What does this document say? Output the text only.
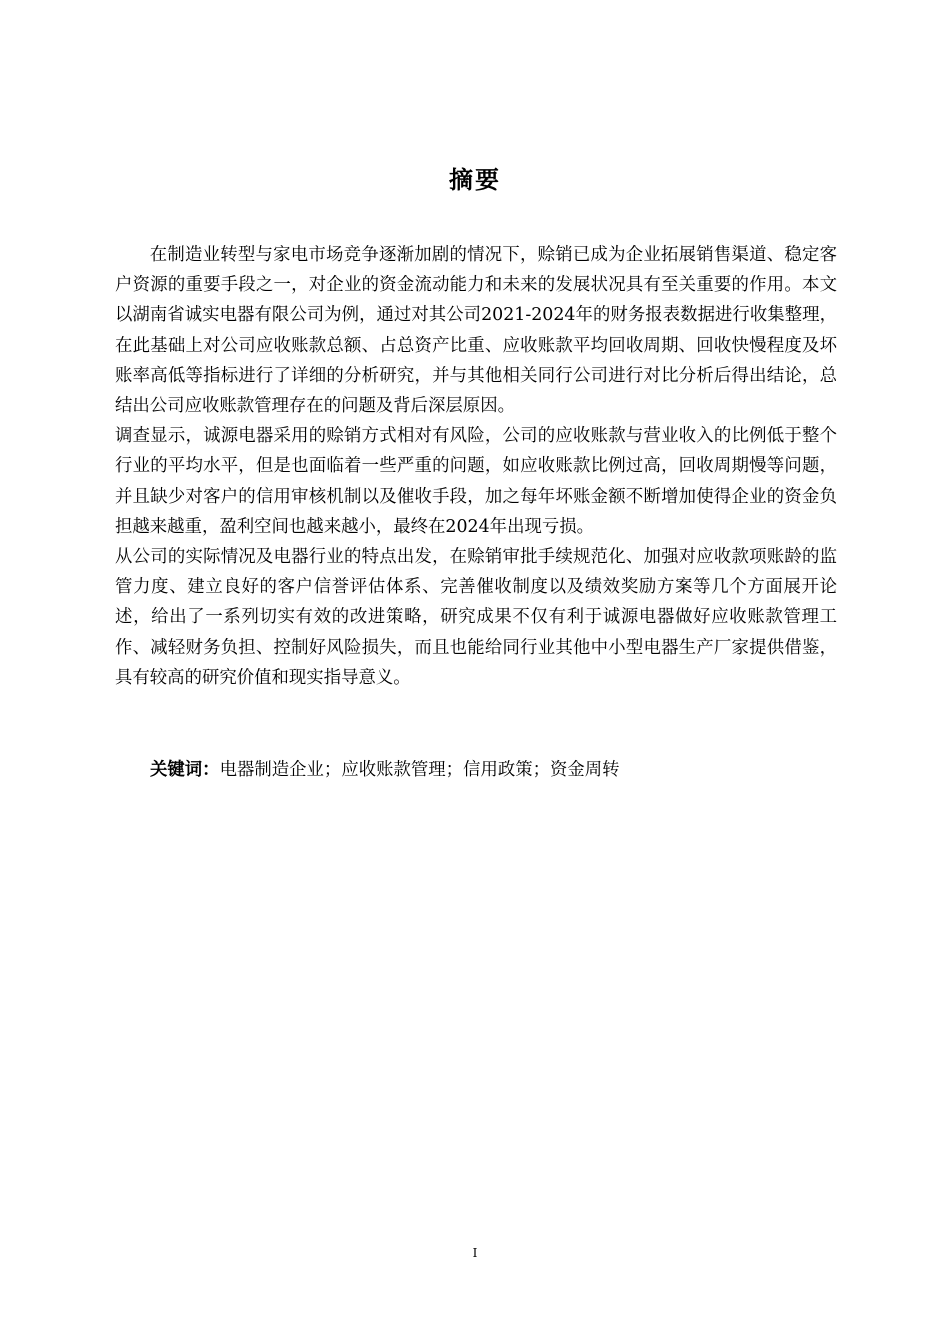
摘要

在制造业转型与家电市场竞争逐渐加剧的情况下，赊销已成为企业拓展销售渠道、稳定客户资源的重要手段之一，对企业的资金流动能力和未来的发展状况具有至关重要的作用。本文以湖南省诚实电器有限公司为例，通过对其公司2021-2024年的财务报表数据进行收集整理，在此基础上对公司应收账款总额、占总资产比重、应收账款平均回收周期、回收快慢程度及坏账率高低等指标进行了详细的分析研究，并与其他相关同行公司进行对比分析后得出结论，总结出公司应收账款管理存在的问题及背后深层原因。

调查显示，诚源电器采用的赊销方式相对有风险，公司的应收账款与营业收入的比例低于整个行业的平均水平，但是也面临着一些严重的问题，如应收账款比例过高，回收周期慢等问题，并且缺少对客户的信用审核机制以及催收手段，加之每年坏账金额不断增加使得企业的资金负担越来越重，盈利空间也越来越小，最终在2024年出现亏损。

从公司的实际情况及电器行业的特点出发，在赊销审批手续规范化、加强对应收款项账龄的监管力度、建立良好的客户信誉评估体系、完善催收制度以及绩效奖励方案等几个方面展开论述，给出了一系列切实有效的改进策略，研究成果不仅有利于诚源电器做好应收账款管理工作、减轻财务负担、控制好风险损失，而且也能给同行业其他中小型电器生产厂家提供借鉴，具有较高的研究价值和现实指导意义。

关键词：电器制造企业；应收账款管理；信用政策；资金周转
I
